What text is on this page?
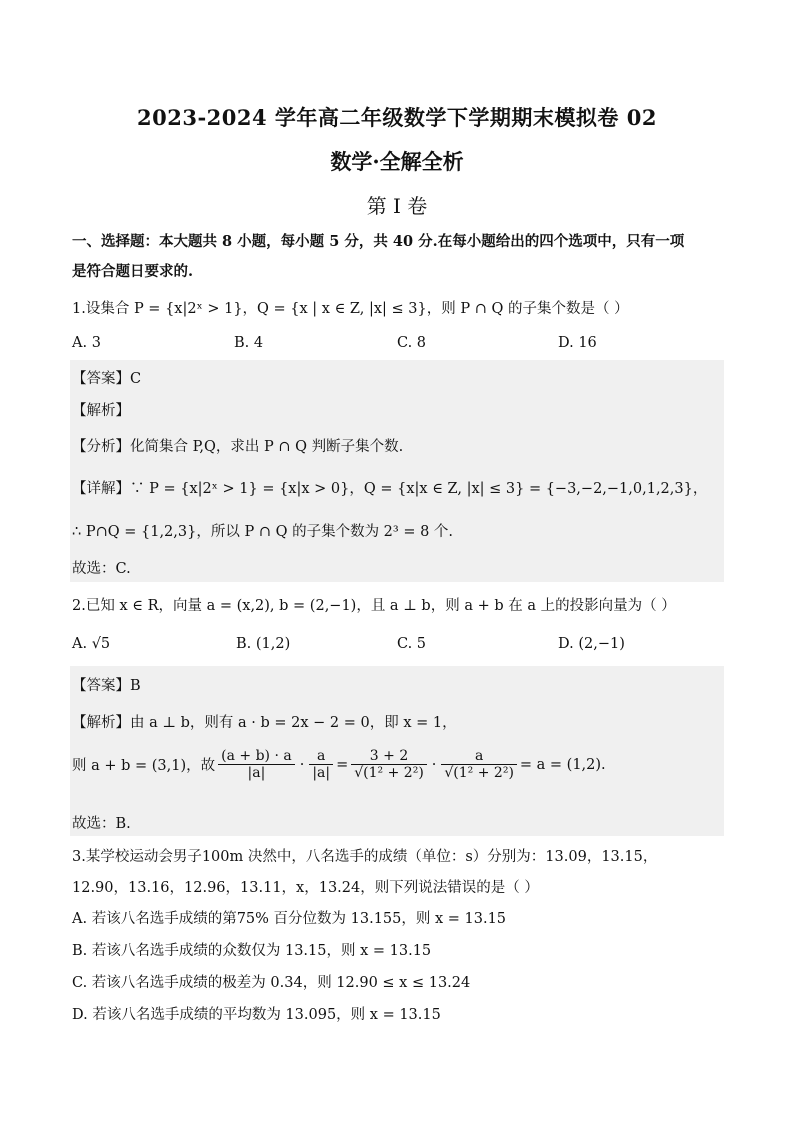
2023-2024 学年高二年级数学下学期期末模拟卷 02
数学·全解全析
第 I 卷
一、选择题：本大题共 8 小题，每小题 5 分，共 40 分.在每小题给出的四个选项中，只有一项
是符合题日要求的.
1.设集合 P = {x|2ˣ > 1}，Q = {x | x ∈ Z, |x| ≤ 3}，则 P ∩ Q 的子集个数是（ ）
A. 3	B. 4	C. 8	D. 16
【答案】C
【解析】
【分析】化简集合 P,Q，求出 P ∩ Q 判断子集个数.
【详解】∵ P = {x|2ˣ > 1} = {x|x > 0}，Q = {x|x ∈ Z, |x| ≤ 3} = {−3,−2,−1,0,1,2,3}，
∴ P∩Q = {1,2,3}，所以 P ∩ Q 的子集个数为 2³ = 8 个.
故选：C.
2.已知 x ∈ R，向量 a = (x,2), b = (2,−1)，且 a ⊥ b，则 a + b 在 a 上的投影向量为（ ）
A. √5	B. (1,2)	C. 5	D. (2,−1)
【答案】B
【解析】由 a ⊥ b，则有 a · b = 2x − 2 = 0，即 x = 1，
则 a + b = (3,1)，故 $\frac{(a + b) \cdot a}{|a|} \cdot \frac{a}{|a|} = \frac{3 + 2}{\text{√(1² + 2²)}} \cdot \frac{a}{\text{√(1² + 2²)}} = a = (1,2)$.
故选：B.
3.某学校运动会男子100m 决然中，八名选手的成绩（单位：s）分别为：13.09，13.15，
12.90，13.16，12.96，13.11，x，13.24，则下列说法错误的是（ ）
A. 若该八名选手成绩的第75% 百分位数为 13.155，则 x = 13.15
B. 若该八名选手成绩的众数仅为 13.15，则 x = 13.15
C. 若该八名选手成绩的极差为 0.34，则 12.90 ≤ x ≤ 13.24
D. 若该八名选手成绩的平均数为 13.095，则 x = 13.15
